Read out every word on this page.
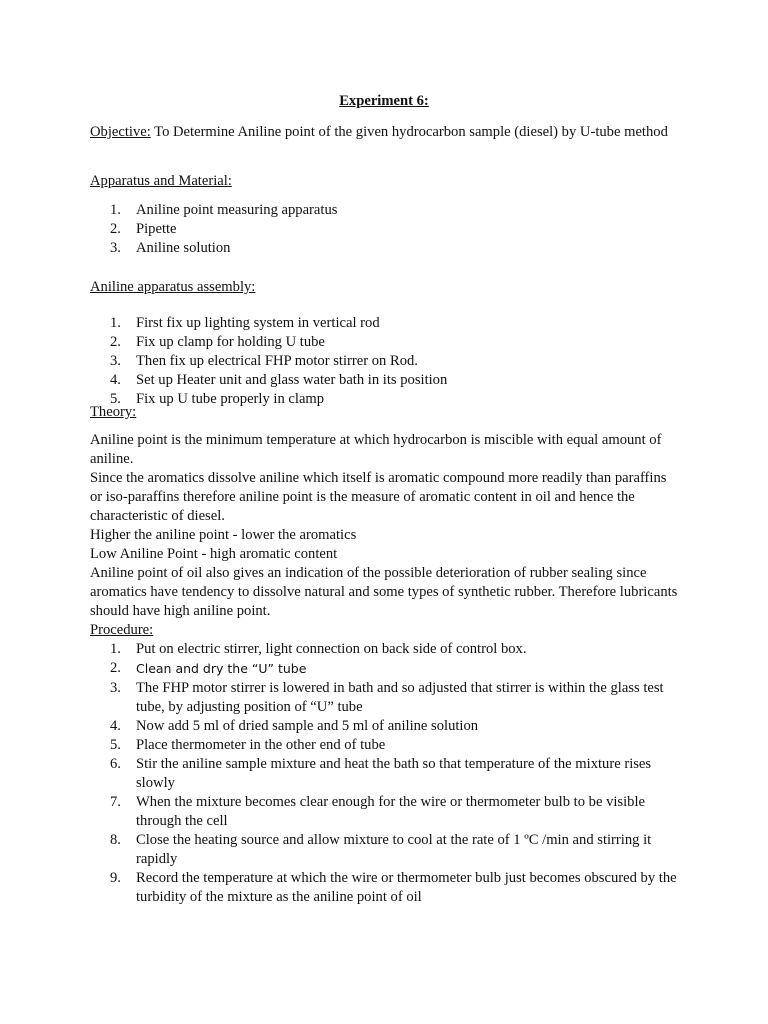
Experiment 6:
Objective: To Determine Aniline point of the given hydrocarbon sample (diesel) by U-tube method
Apparatus and Material:
1.	Aniline point measuring apparatus
2.	Pipette
3.	Aniline solution
Aniline apparatus assembly:
1.	First fix up lighting system in vertical rod
2.	Fix up clamp for holding U tube
3.	Then fix up electrical FHP motor stirrer on Rod.
4.	Set up Heater unit and glass water bath in its position
5.	Fix up U tube properly in clamp
Theory:

Aniline point is the minimum temperature at which hydrocarbon is miscible with equal amount of aniline.

Since the aromatics dissolve aniline which itself is aromatic compound more readily than paraffins or iso-paraffins therefore aniline point is the measure of aromatic content in oil and hence the characteristic of diesel.

Higher the aniline point - lower the aromatics

Low Aniline Point - high aromatic content

Aniline point of oil also gives an indication of the possible deterioration of rubber sealing since aromatics have tendency to dissolve natural and some types of synthetic rubber. Therefore lubricants should have high aniline point.

Procedure:
1.	Put on electric stirrer, light connection on back side of control box.
2.	Clean and dry the “U” tube
3.	The FHP motor stirrer is lowered in bath and so adjusted that stirrer is within the glass test tube, by adjusting position of “U” tube
4.	Now add 5 ml of dried sample and 5 ml of aniline solution
5.	Place thermometer in the other end of tube
6.	Stir the aniline sample mixture and heat the bath so that temperature of the mixture rises slowly
7.	When the mixture becomes clear enough for the wire or thermometer bulb to be visible through the cell
8.	Close the heating source and allow mixture to cool at the rate of 1 ºC /min and stirring it rapidly
9.	Record the temperature at which the wire or thermometer bulb just becomes obscured by the turbidity of the mixture as the aniline point of oil
